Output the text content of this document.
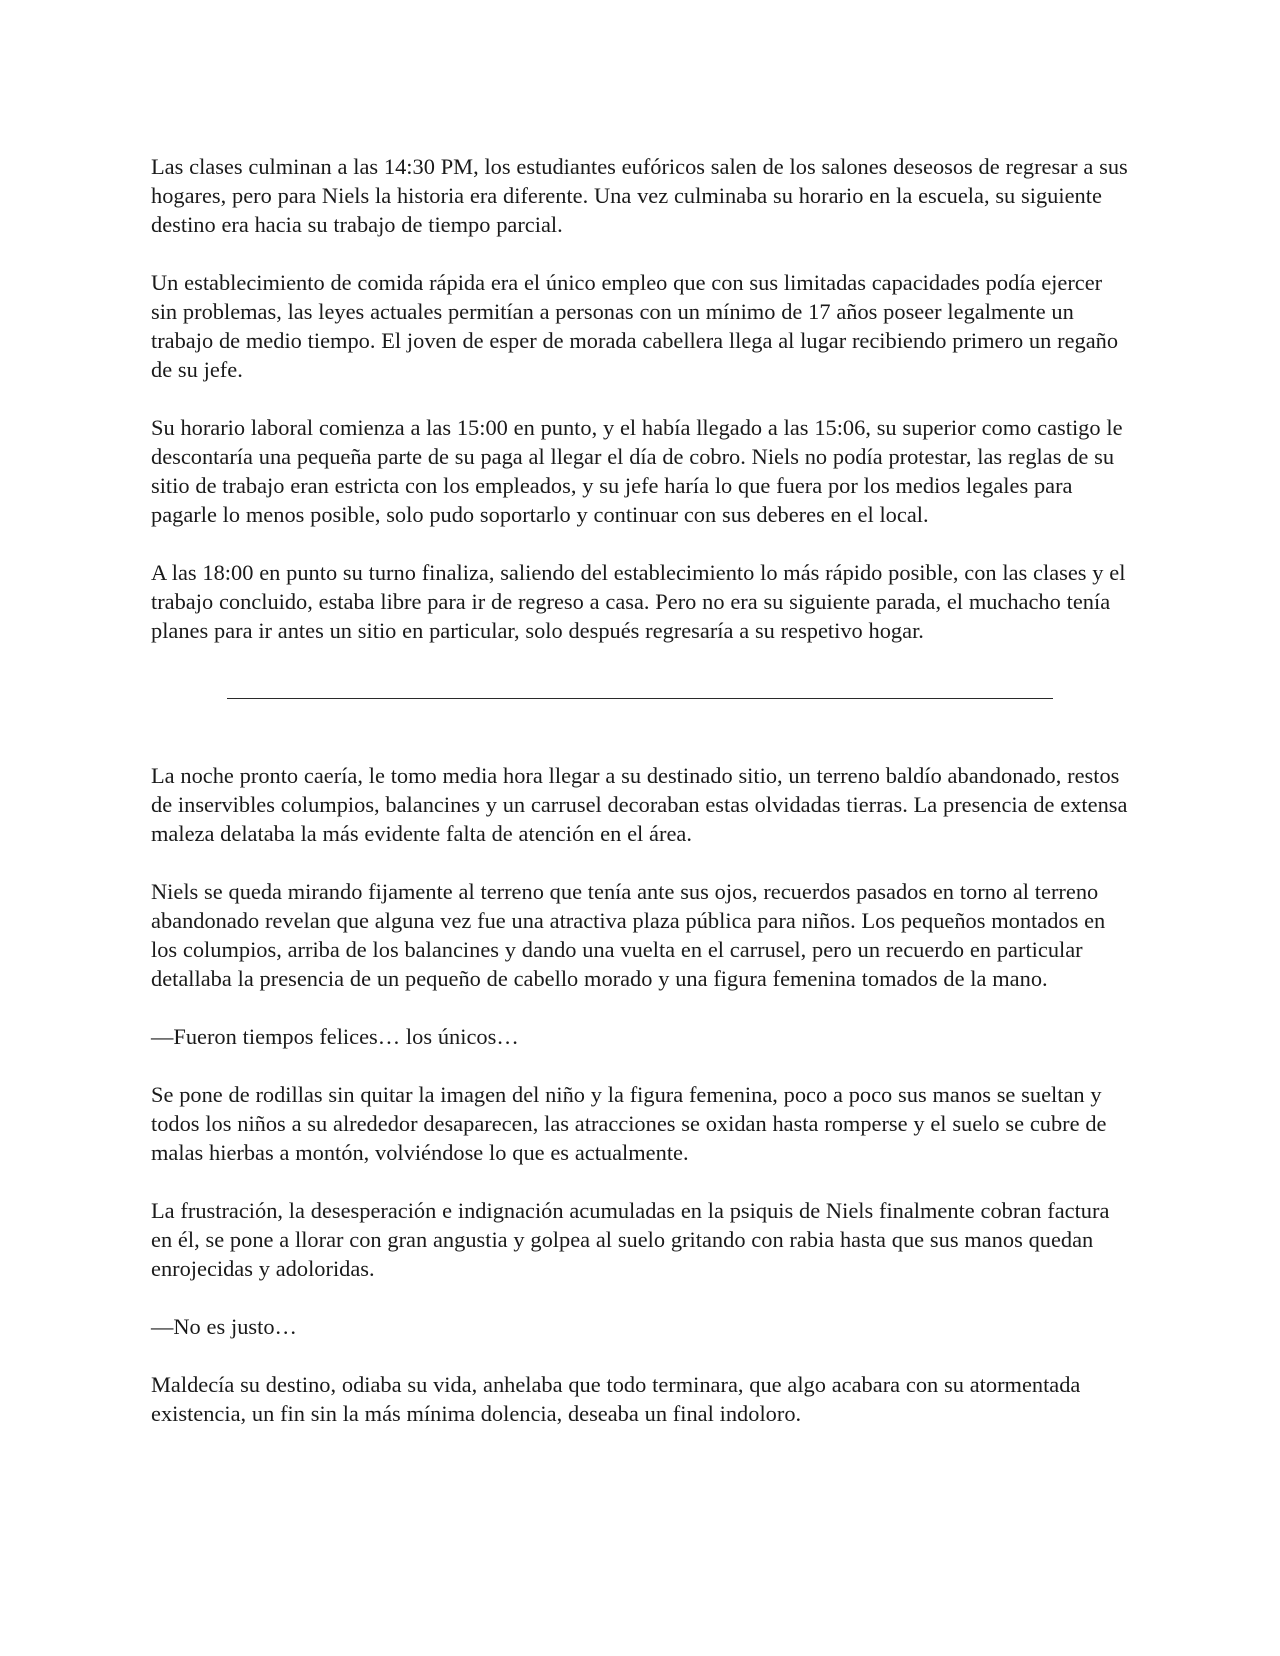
Las clases culminan a las 14:30 PM, los estudiantes eufóricos salen de los salones deseosos de regresar a sus hogares, pero para Niels la historia era diferente. Una vez culminaba su horario en la escuela, su siguiente destino era hacia su trabajo de tiempo parcial.

Un establecimiento de comida rápida era el único empleo que con sus limitadas capacidades podía ejercer sin problemas, las leyes actuales permitían a personas con un mínimo de 17 años poseer legalmente un trabajo de medio tiempo. El joven de esper de morada cabellera llega al lugar recibiendo primero un regaño de su jefe.

Su horario laboral comienza a las 15:00 en punto, y el había llegado a las 15:06, su superior como castigo le descontaría una pequeña parte de su paga al llegar el día de cobro. Niels no podía protestar, las reglas de su sitio de trabajo eran estricta con los empleados, y su jefe haría lo que fuera por los medios legales para pagarle lo menos posible, solo pudo soportarlo y continuar con sus deberes en el local.

A las 18:00 en punto su turno finaliza, saliendo del establecimiento lo más rápido posible, con las clases y el trabajo concluido, estaba libre para ir de regreso a casa. Pero no era su siguiente parada, el muchacho tenía planes para ir antes un sitio en particular, solo después regresaría a su respetivo hogar.

La noche pronto caería, le tomo media hora llegar a su destinado sitio, un terreno baldío abandonado, restos de inservibles columpios, balancines y un carrusel decoraban estas olvidadas tierras. La presencia de extensa maleza delataba la más evidente falta de atención en el área.

Niels se queda mirando fijamente al terreno que tenía ante sus ojos, recuerdos pasados en torno al terreno abandonado revelan que alguna vez fue una atractiva plaza pública para niños. Los pequeños montados en los columpios, arriba de los balancines y dando una vuelta en el carrusel, pero un recuerdo en particular detallaba la presencia de un pequeño de cabello morado y una figura femenina tomados de la mano.

—Fueron tiempos felices… los únicos…

Se pone de rodillas sin quitar la imagen del niño y la figura femenina, poco a poco sus manos se sueltan y todos los niños a su alrededor desaparecen, las atracciones se oxidan hasta romperse y el suelo se cubre de malas hierbas a montón, volviéndose lo que es actualmente.

La frustración, la desesperación e indignación acumuladas en la psiquis de Niels finalmente cobran factura en él, se pone a llorar con gran angustia y golpea al suelo gritando con rabia hasta que sus manos quedan enrojecidas y adoloridas.

—No es justo…

Maldecía su destino, odiaba su vida, anhelaba que todo terminara, que algo acabara con su atormentada existencia, un fin sin la más mínima dolencia, deseaba un final indoloro.
